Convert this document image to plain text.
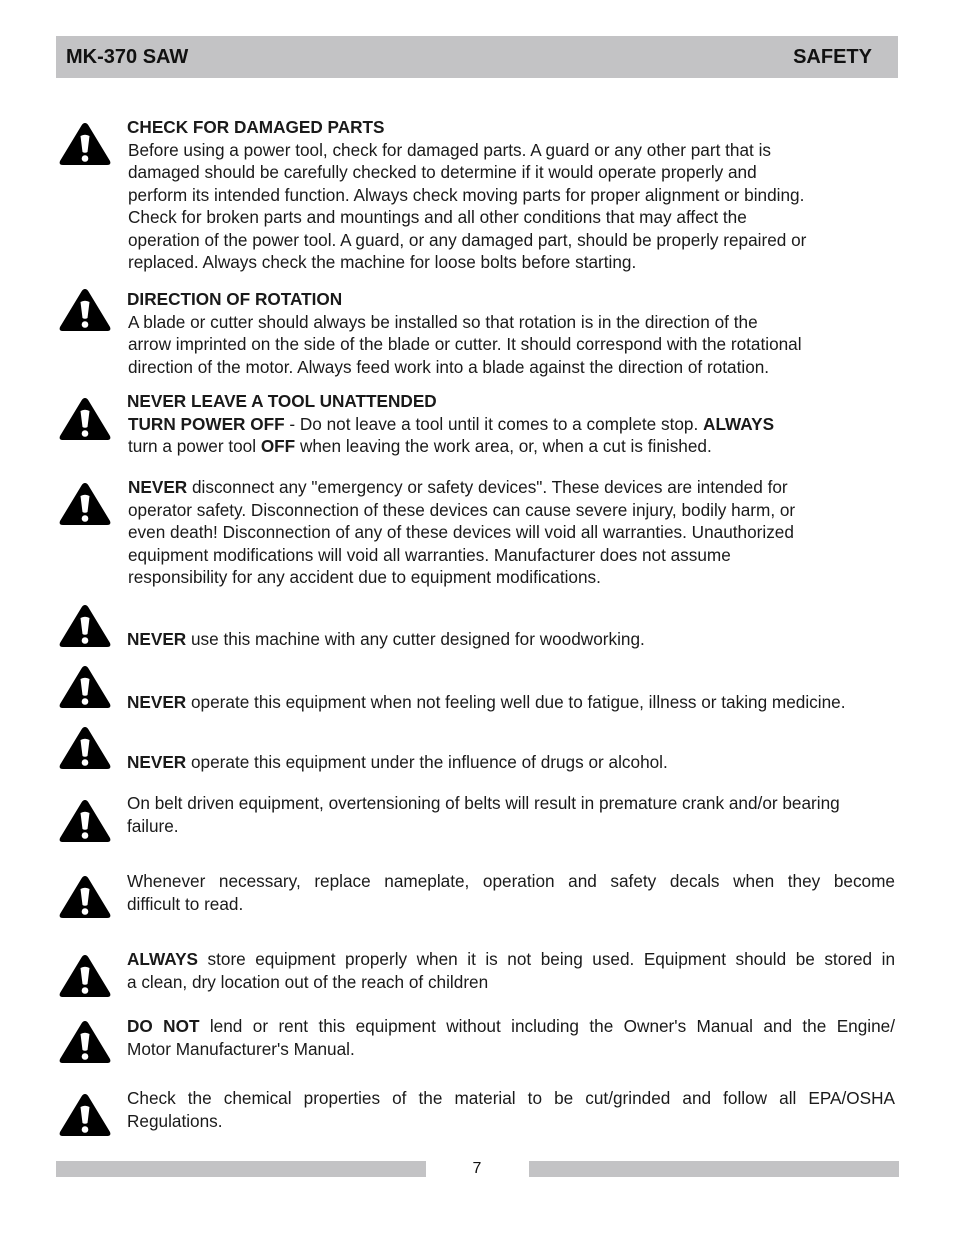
MK-370 SAW	SAFETY
CHECK FOR DAMAGED PARTS
Before using a power tool, check for damaged parts. A guard or any other part that is
damaged should be carefully checked to determine if it would operate properly and
perform its intended function. Always check moving parts for proper alignment or binding.
Check for broken parts and mountings and all other conditions that may affect the
operation of the power tool. A guard, or any damaged part, should be properly repaired or
replaced. Always check the machine for loose bolts before starting.
DIRECTION OF ROTATION
A blade or cutter should always be installed so that rotation is in the direction of the
arrow imprinted on the side of the blade or cutter. It should correspond with the rotational
direction of the motor. Always feed work into a blade against the direction of rotation.
NEVER LEAVE A TOOL UNATTENDED
TURN POWER OFF - Do not leave a tool until it comes to a complete stop. ALWAYS
turn a power tool OFF when leaving the work area, or, when a cut is finished.
NEVER disconnect any "emergency or safety devices". These devices are intended for
operator safety. Disconnection of these devices can cause severe injury, bodily harm, or
even death! Disconnection of any of these devices will void all warranties. Unauthorized
equipment modifications will void all warranties. Manufacturer does not assume
responsibility for any accident due to equipment modifications.
NEVER use this machine with any cutter designed for woodworking.
NEVER operate this equipment when not feeling well due to fatigue, illness or taking medicine.
NEVER operate this equipment under the influence of drugs or alcohol.
On belt driven equipment, overtensioning of belts will result in premature crank and/or bearing
failure.
Whenever necessary, replace nameplate, operation and safety decals when they become
difficult to read.
ALWAYS store equipment properly when it is not being used. Equipment should be stored in
a clean, dry location out of the reach of children
DO NOT lend or rent this equipment without including the Owner's Manual and the Engine/
Motor Manufacturer's Manual.
Check the chemical properties of the material to be cut/grinded and follow all EPA/OSHA
Regulations.
7
